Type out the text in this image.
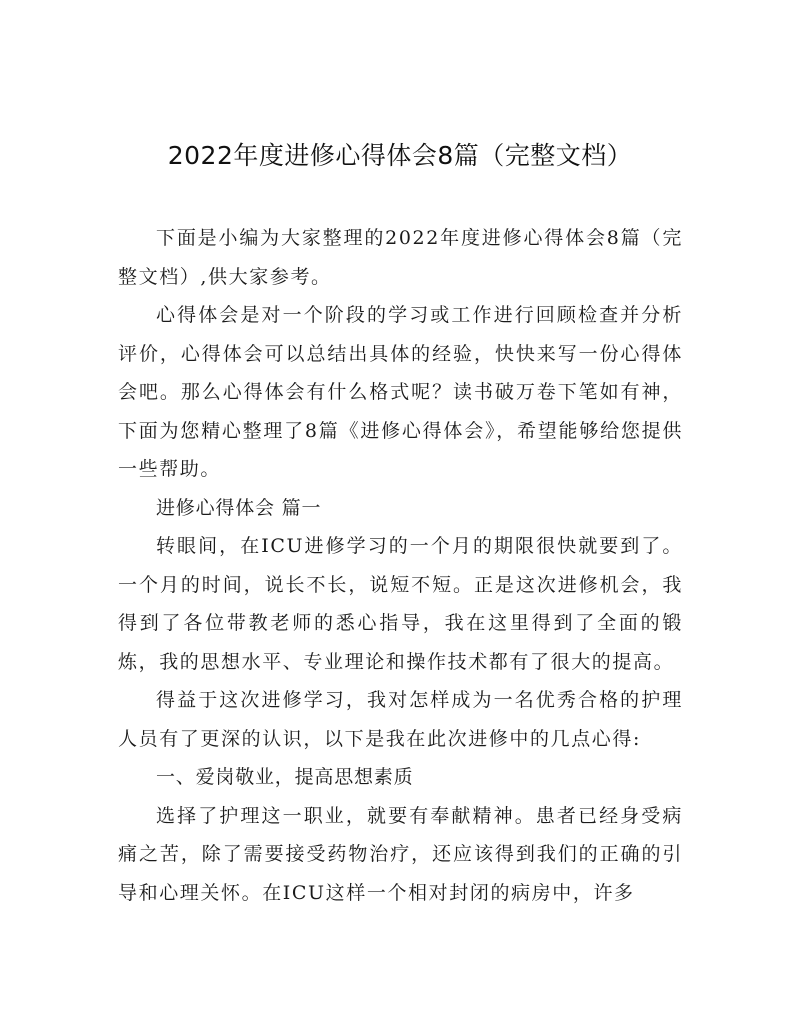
2022年度进修心得体会8篇（完整文档）

下面是小编为大家整理的2022年度进修心得体会8篇（完整文档）,供大家参考。

心得体会是对一个阶段的学习或工作进行回顾检查并分析评价，心得体会可以总结出具体的经验，快快来写一份心得体会吧。那么心得体会有什么格式呢？读书破万卷下笔如有神，下面为您精心整理了8篇《进修心得体会》，希望能够给您提供一些帮助。

进修心得体会 篇一

转眼间，在ICU进修学习的一个月的期限很快就要到了。一个月的时间，说长不长，说短不短。正是这次进修机会，我得到了各位带教老师的悉心指导，我在这里得到了全面的锻炼，我的思想水平、专业理论和操作技术都有了很大的提高。

得益于这次进修学习，我对怎样成为一名优秀合格的护理人员有了更深的认识，以下是我在此次进修中的几点心得:

一、爱岗敬业，提高思想素质

选择了护理这一职业，就要有奉献精神。患者已经身受病痛之苦，除了需要接受药物治疗，还应该得到我们的正确的引导和心理关怀。在ICU这样一个相对封闭的病房中，许多
